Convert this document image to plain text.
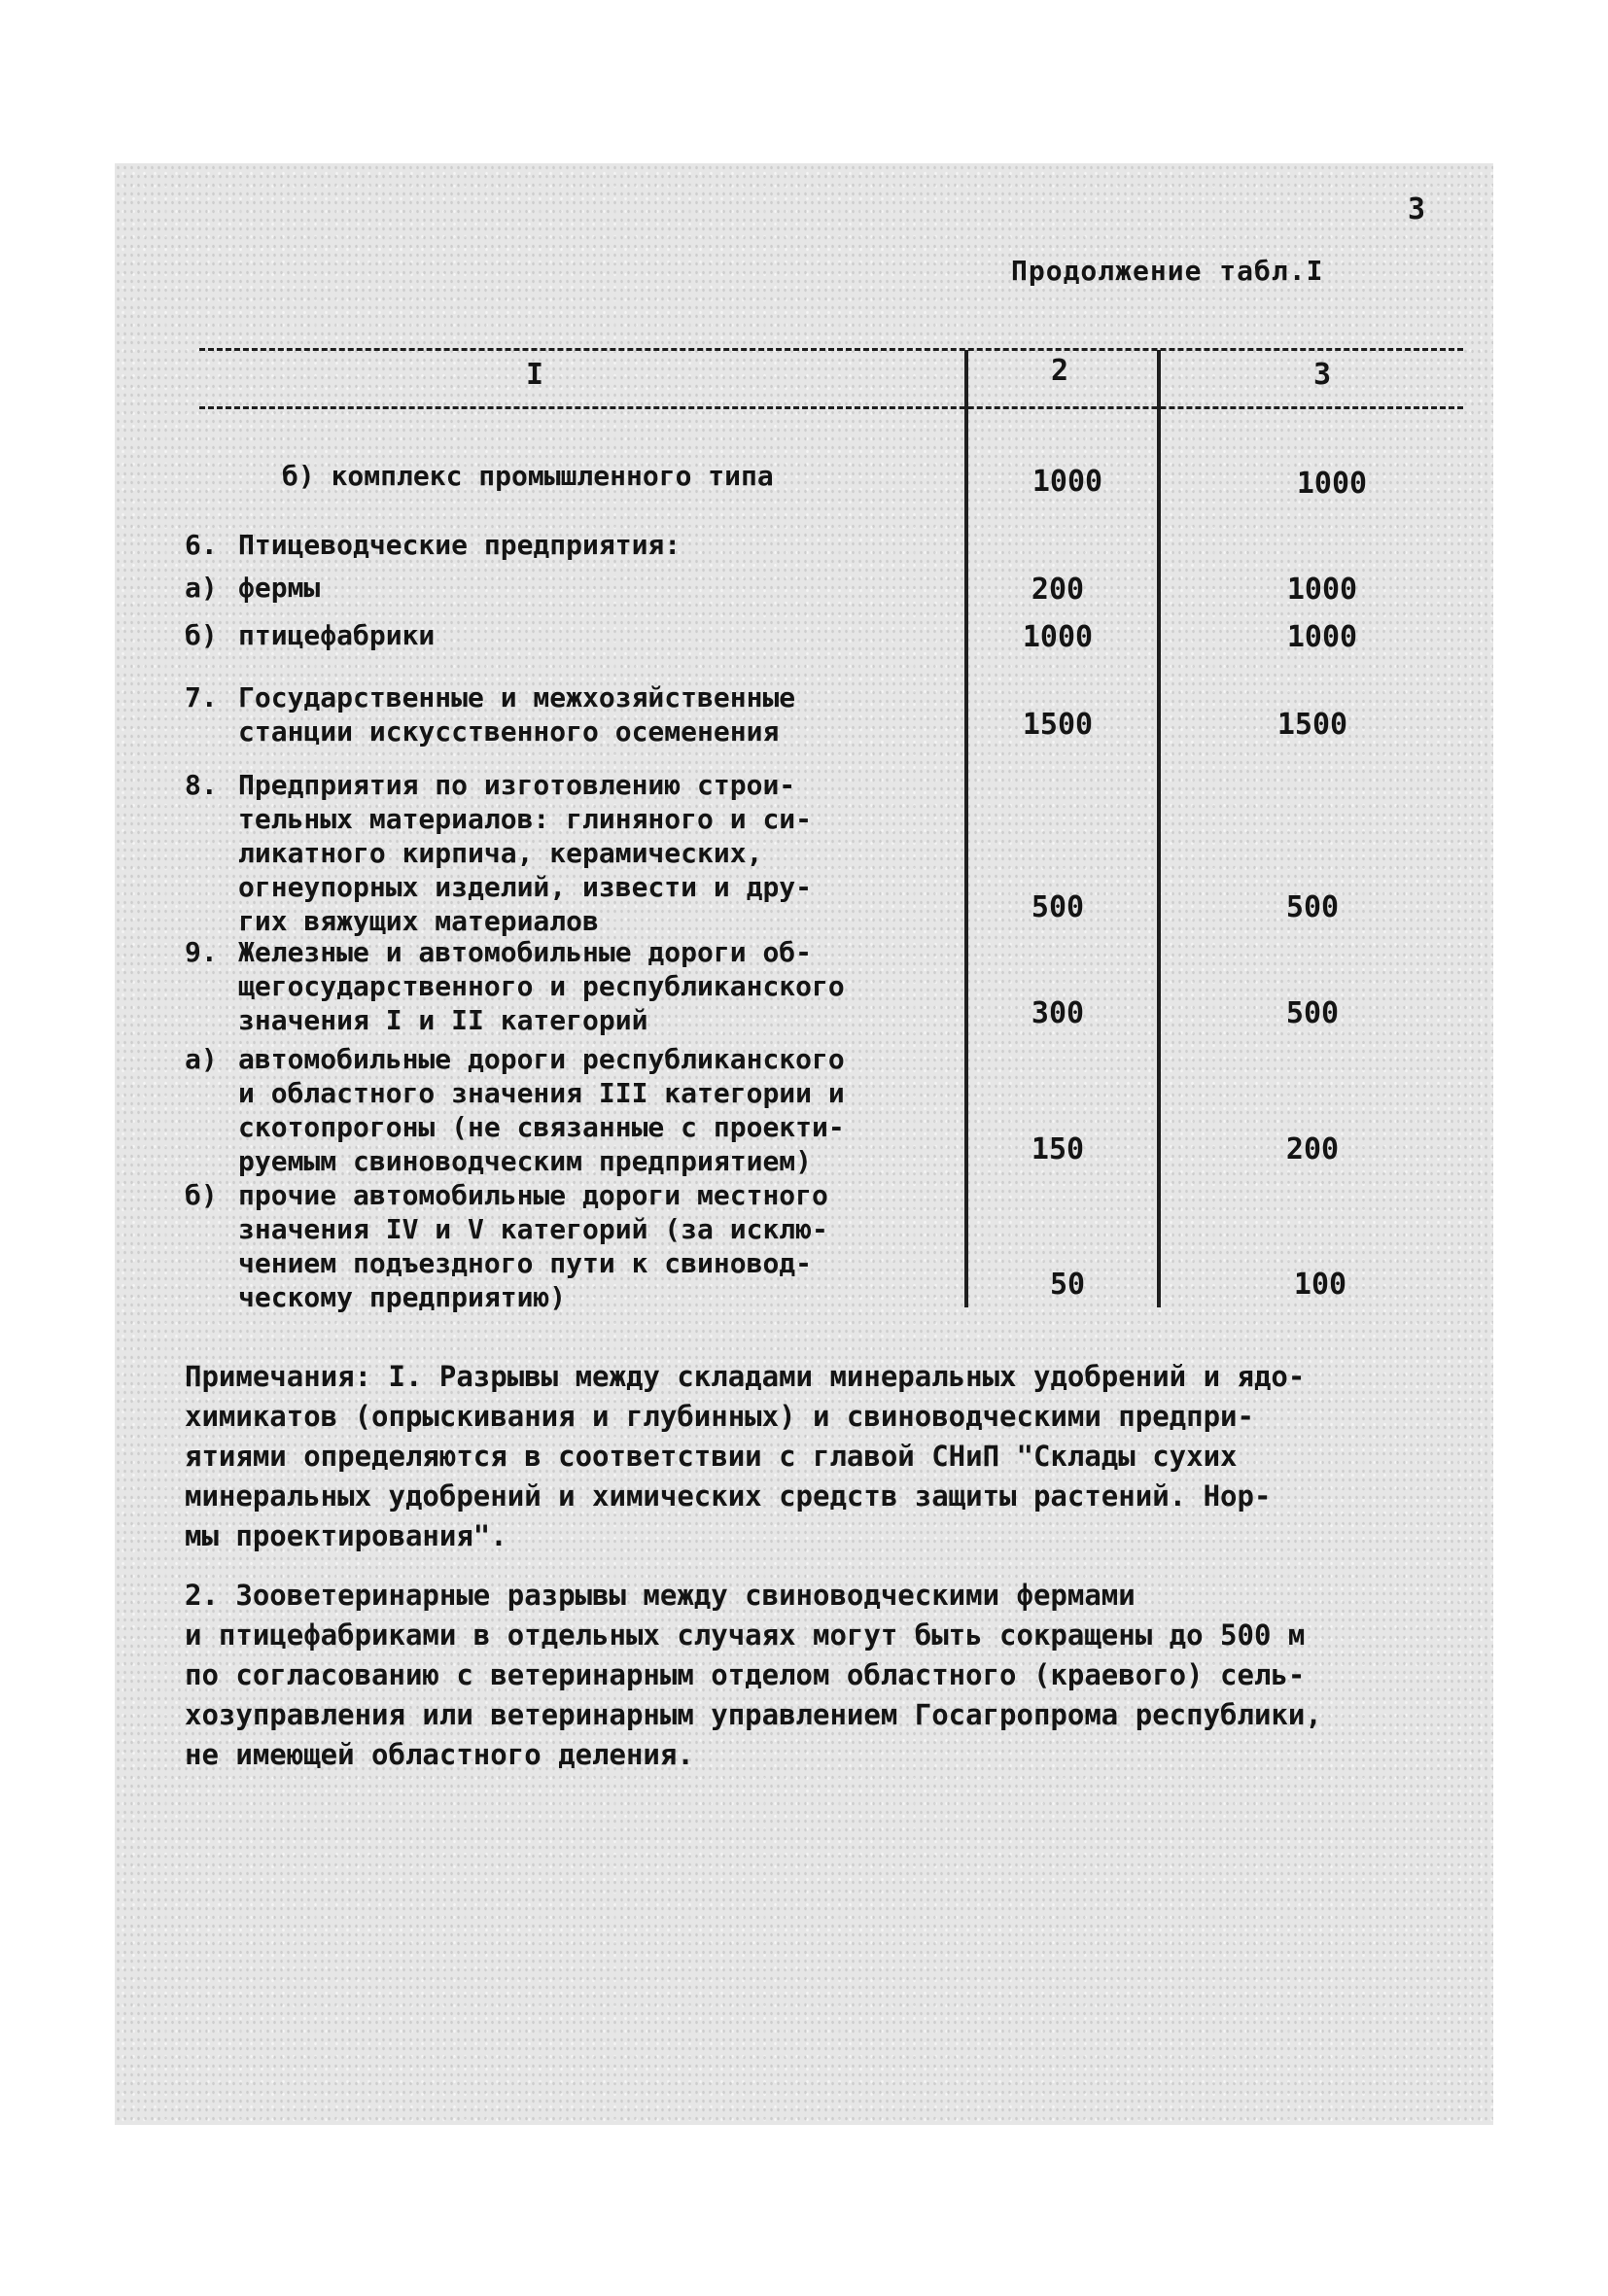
3
Продолжение табл.I
I	2	3
б) комплекс промышленного типа	1000	1000
6. Птицеводческие предприятия:
а) фермы	200	1000
б) птицефабрики	1000	1000
7. Государственные и межхозяйственные
станции искусственного осеменения	1500	1500
8. Предприятия по изготовлению строи-
тельных материалов: глиняного и си-
ликатного кирпича, керамических,
огнеупорных изделий, извести и дру-
гих вяжущих материалов	500	500
9. Железные и автомобильные дороги об-
щегосударственного и республиканского
значения I и II категорий	300	500
а) автомобильные дороги республиканского
и областного значения III категории и
скотопрогоны (не связанные с проекти-
руемым свиноводческим предприятием)	150	200
б) прочие автомобильные дороги местного
значения IV и V категорий (за исклю-
чением подъездного пути к свиновод-
ческому предприятию)	50	100

Примечания: I. Разрывы между складами минеральных удобрений и ядо-
химикатов (опрыскивания и глубинных) и свиноводческими предпри-
ятиями определяются в соответствии с главой СНиП "Склады сухих
минеральных удобрений и химических средств защиты растений. Нор-
мы проектирования".

2. Зооветеринарные разрывы между свиноводческими фермами
и птицефабриками в отдельных случаях могут быть сокращены до 500 м
по согласованию с ветеринарным отделом областного (краевого) сель-
хозуправления или ветеринарным управлением Госагропрома республики,
не имеющей областного деления.
